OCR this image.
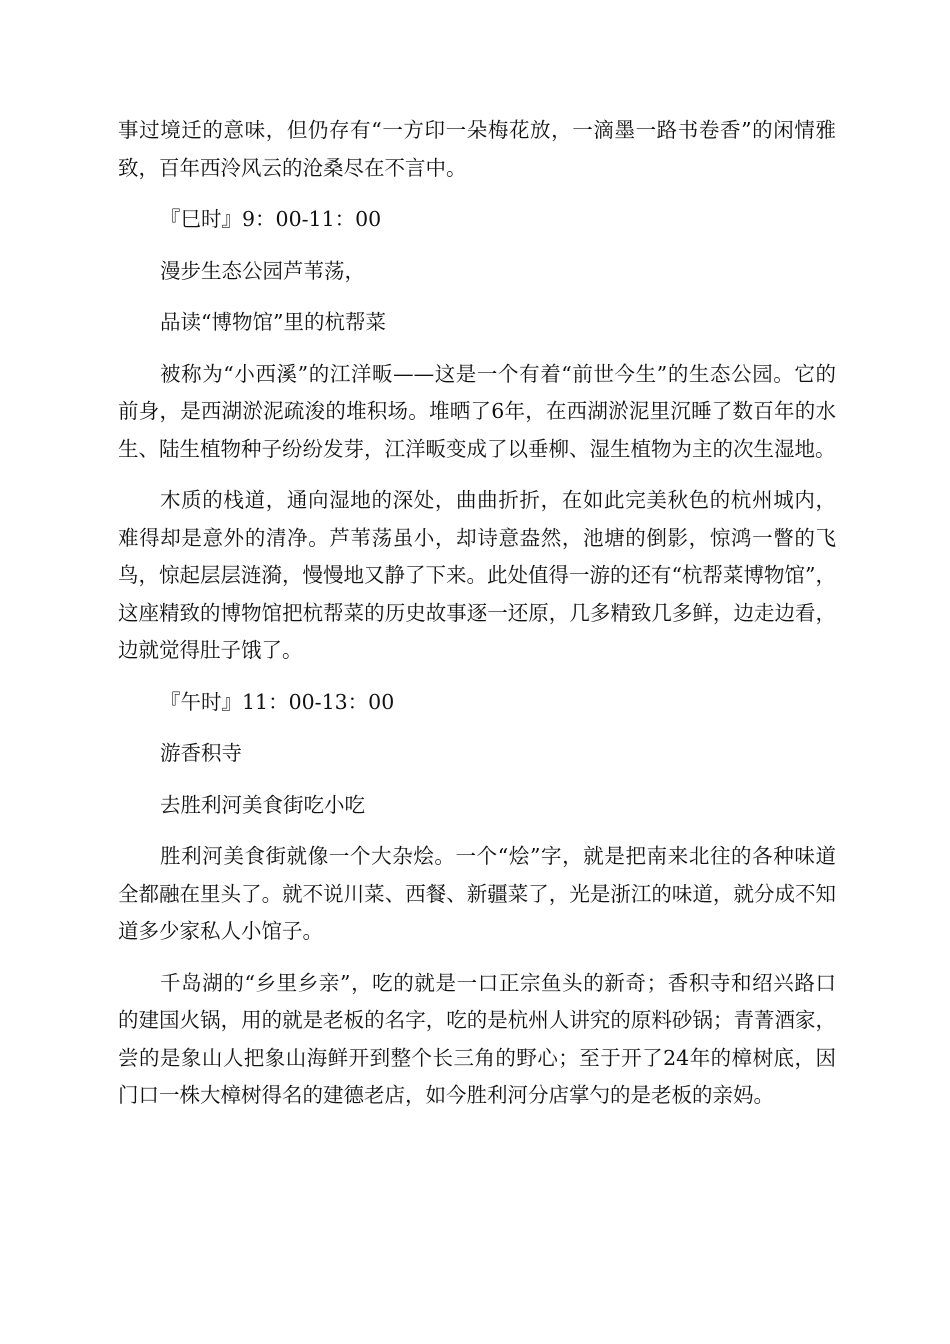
事过境迁的意味，但仍存有“一方印一朵梅花放，一滴墨一路书卷香”的闲情雅致，百年西泠风云的沧桑尽在不言中。

『巳时』9：00-11：00

漫步生态公园芦苇荡，

品读“博物馆”里的杭帮菜

被称为“小西溪”的江洋畈——这是一个有着“前世今生”的生态公园。它的前身，是西湖淤泥疏浚的堆积场。堆晒了6年，在西湖淤泥里沉睡了数百年的水生、陆生植物种子纷纷发芽，江洋畈变成了以垂柳、湿生植物为主的次生湿地。

木质的栈道，通向湿地的深处，曲曲折折，在如此完美秋色的杭州城内，难得却是意外的清净。芦苇荡虽小，却诗意盎然，池塘的倒影，惊鸿一瞥的飞鸟，惊起层层涟漪，慢慢地又静了下来。此处值得一游的还有“杭帮菜博物馆”，这座精致的博物馆把杭帮菜的历史故事逐一还原，几多精致几多鲜，边走边看，边就觉得肚子饿了。

『午时』11：00-13：00

游香积寺

去胜利河美食街吃小吃

胜利河美食街就像一个大杂烩。一个“烩”字，就是把南来北往的各种味道全都融在里头了。就不说川菜、西餐、新疆菜了，光是浙江的味道，就分成不知道多少家私人小馆子。

千岛湖的“乡里乡亲”，吃的就是一口正宗鱼头的新奇；香积寺和绍兴路口的建国火锅，用的就是老板的名字，吃的是杭州人讲究的原料砂锅；青菁酒家，尝的是象山人把象山海鲜开到整个长三角的野心；至于开了24年的樟树底，因门口一株大樟树得名的建德老店，如今胜利河分店掌勺的是老板的亲妈。
